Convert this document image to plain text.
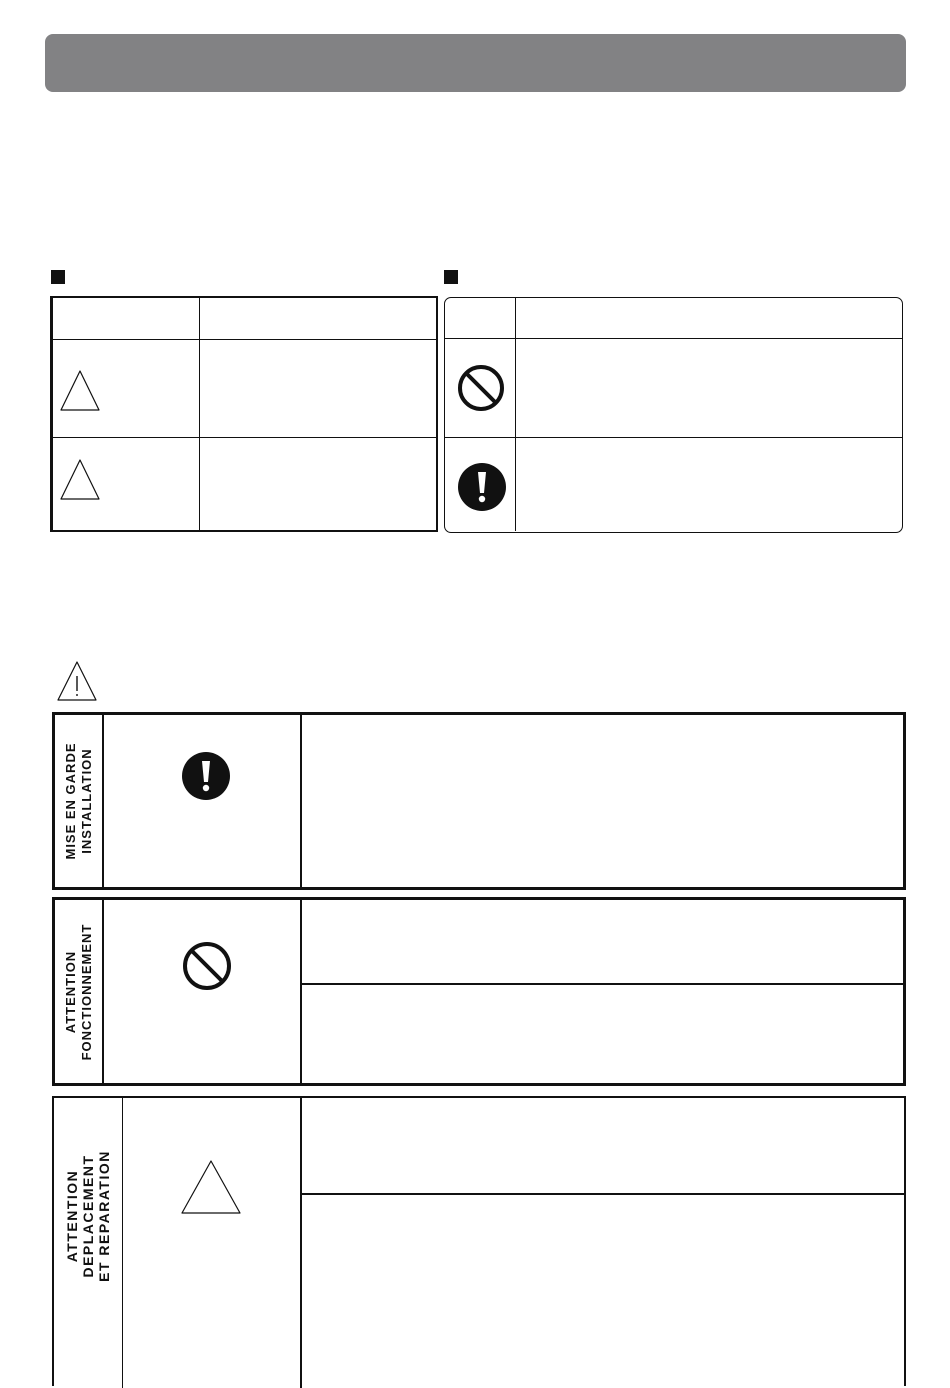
MISE EN GARDE
INSTALLATION
ATTENTION
FONCTIONNEMENT
ATTENTION
DEPLACEMENT
ET REPARATION
